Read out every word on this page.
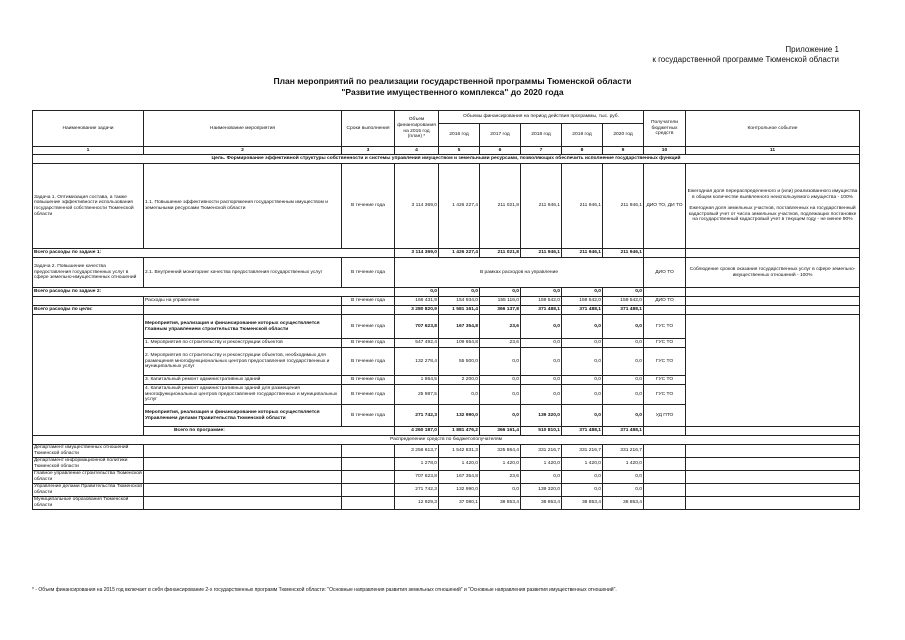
Приложение 1
к государственной программе Тюменской области
План мероприятий по реализации государственной программы Тюменской области
"Развитие имущественного комплекса" до 2020 года
Наименование задачи	Наименование мероприятия	Сроки выполнения	Объем финансирования на 2015 год (план) *	Объемы финансирования на период действия программы, тыс. руб.					Получатели бюджетных средств	Контрольное событие
				2016 год	2017 год	2018 год	2019 год	2020 год		
1	2	3	4	5	6	7	8	9	10	11
Цель. Формирование эффективной структуры собственности и системы управления имуществом и земельными ресурсами, позволяющих обеспечить исполнение государственных функций										
Задача 1. Оптимизация состава, а также повышение эффективности использования государственной собственности Тюменской области	1.1. Повышение эффективности распоряжения государственным имуществом и земельными ресурсами Тюменской области	В течение года	3 114 369,0	1 426 227,4	211 021,8	211 946,1	211 946,1	211 946,1	ДИО ТО, ДИ ТО	Ежегодная доля перераспределенного и (или) реализованного имущества в общем количестве выявленного неиспользуемого имущества - 100%
Ежегодная доля земельных участков, поставленных на государственный кадастровый учет от числа земельных участков, подлежащих постановке на государственный кадастровый учет в текущем году - не менее 90%

Всего расходы по задаче 1:			3 114 369,0	1 426 227,4	211 021,8	211 946,1	211 946,1	211 946,1		
Задача 2. Повышение качества предоставления государственных услуг в сфере земельно-имущественных отношений	2.1. Внутренний мониторинг качества предоставления государственных услуг	В течение года	В рамках расходов на управление						ДИО ТО	Соблюдение сроков оказания государственных услуг в сфере земельно-имущественных отношений - 100%
Всего расходы по задаче 2:			0,0	0,0	0,0	0,0	0,0	0,0		
	Расходы на управление	В течение года	166 431,9	154 934,0	155 116,0	159 542,0	159 542,0	159 542,0	ДИО ТО	
Всего расходы по цели:			3 280 820,9	1 581 161,4	366 137,8	371 488,1	371 488,1	371 488,1		
	Мероприятия, реализация и финансирование которых осуществляется Главным управлением строительства Тюменской области	В течение года	707 623,8	167 354,8	23,6	0,0	0,0	0,0	ГУС ТО	
	1. Мероприятия по строительству и реконструкции объектов	В течение года	547 492,4	109 654,8	23,6	0,0	0,0	0,0	ГУС ТО	
	2. Мероприятия по строительству и реконструкции объектов, необходимых для размещения многофункциональных центров предоставления государственных и муниципальных услуг	В течение года	132 278,4	55 500,0	0,0	0,0	0,0	0,0	ГУС ТО	
	3. Капитальный ремонт административных зданий	В течение года	1 864,5	2 200,0	0,0	0,0	0,0	0,0	ГУС ТО	
	4. Капитальный ремонт административных зданий для размещения многофункциональных центров предоставления государственных и муниципальных услуг	В течение года	25 987,5	0,0	0,0	0,0	0,0	0,0	ГУС ТО	
	Мероприятия, реализация и финансирование которых осуществляется Управлением делами Правительства Тюменской области	В течение года	271 742,3	132 990,0	0,0	139 320,0	0,0	0,0	УД ПТО	
	Всего по программе:		4 260 187,0	1 881 476,2	366 161,4	510 810,1	371 488,1	371 488,1		
Распределение средств по бюджетополучателям										
Департамент имущественных отношений Тюменской области			3 256 613,7	1 542 831,3	325 864,4	331 216,7	331 216,7	331 216,7		
Департамент информационной политики Тюменской области			1 278,0	1 420,0	1 420,0	1 420,0	1 420,0	1 420,0		
Главное управление строительства Тюменской области			707 623,8	167 354,8	23,6	0,0	0,0	0,0		
Управление делами Правительства Тюменской области			271 742,3	132 990,0	0,0	139 320,0	0,0	0,0		
Муниципальные образования Тюменской области			12 929,3	37 080,1	38 853,4	38 853,4	38 853,4	38 853,4		
* - Объем финансирования на 2015 год включает в себя финансирование 2-х государственных программ Тюменской области: "Основные направления развития земельных отношений" и "Основные направления развития имущественных отношений".
